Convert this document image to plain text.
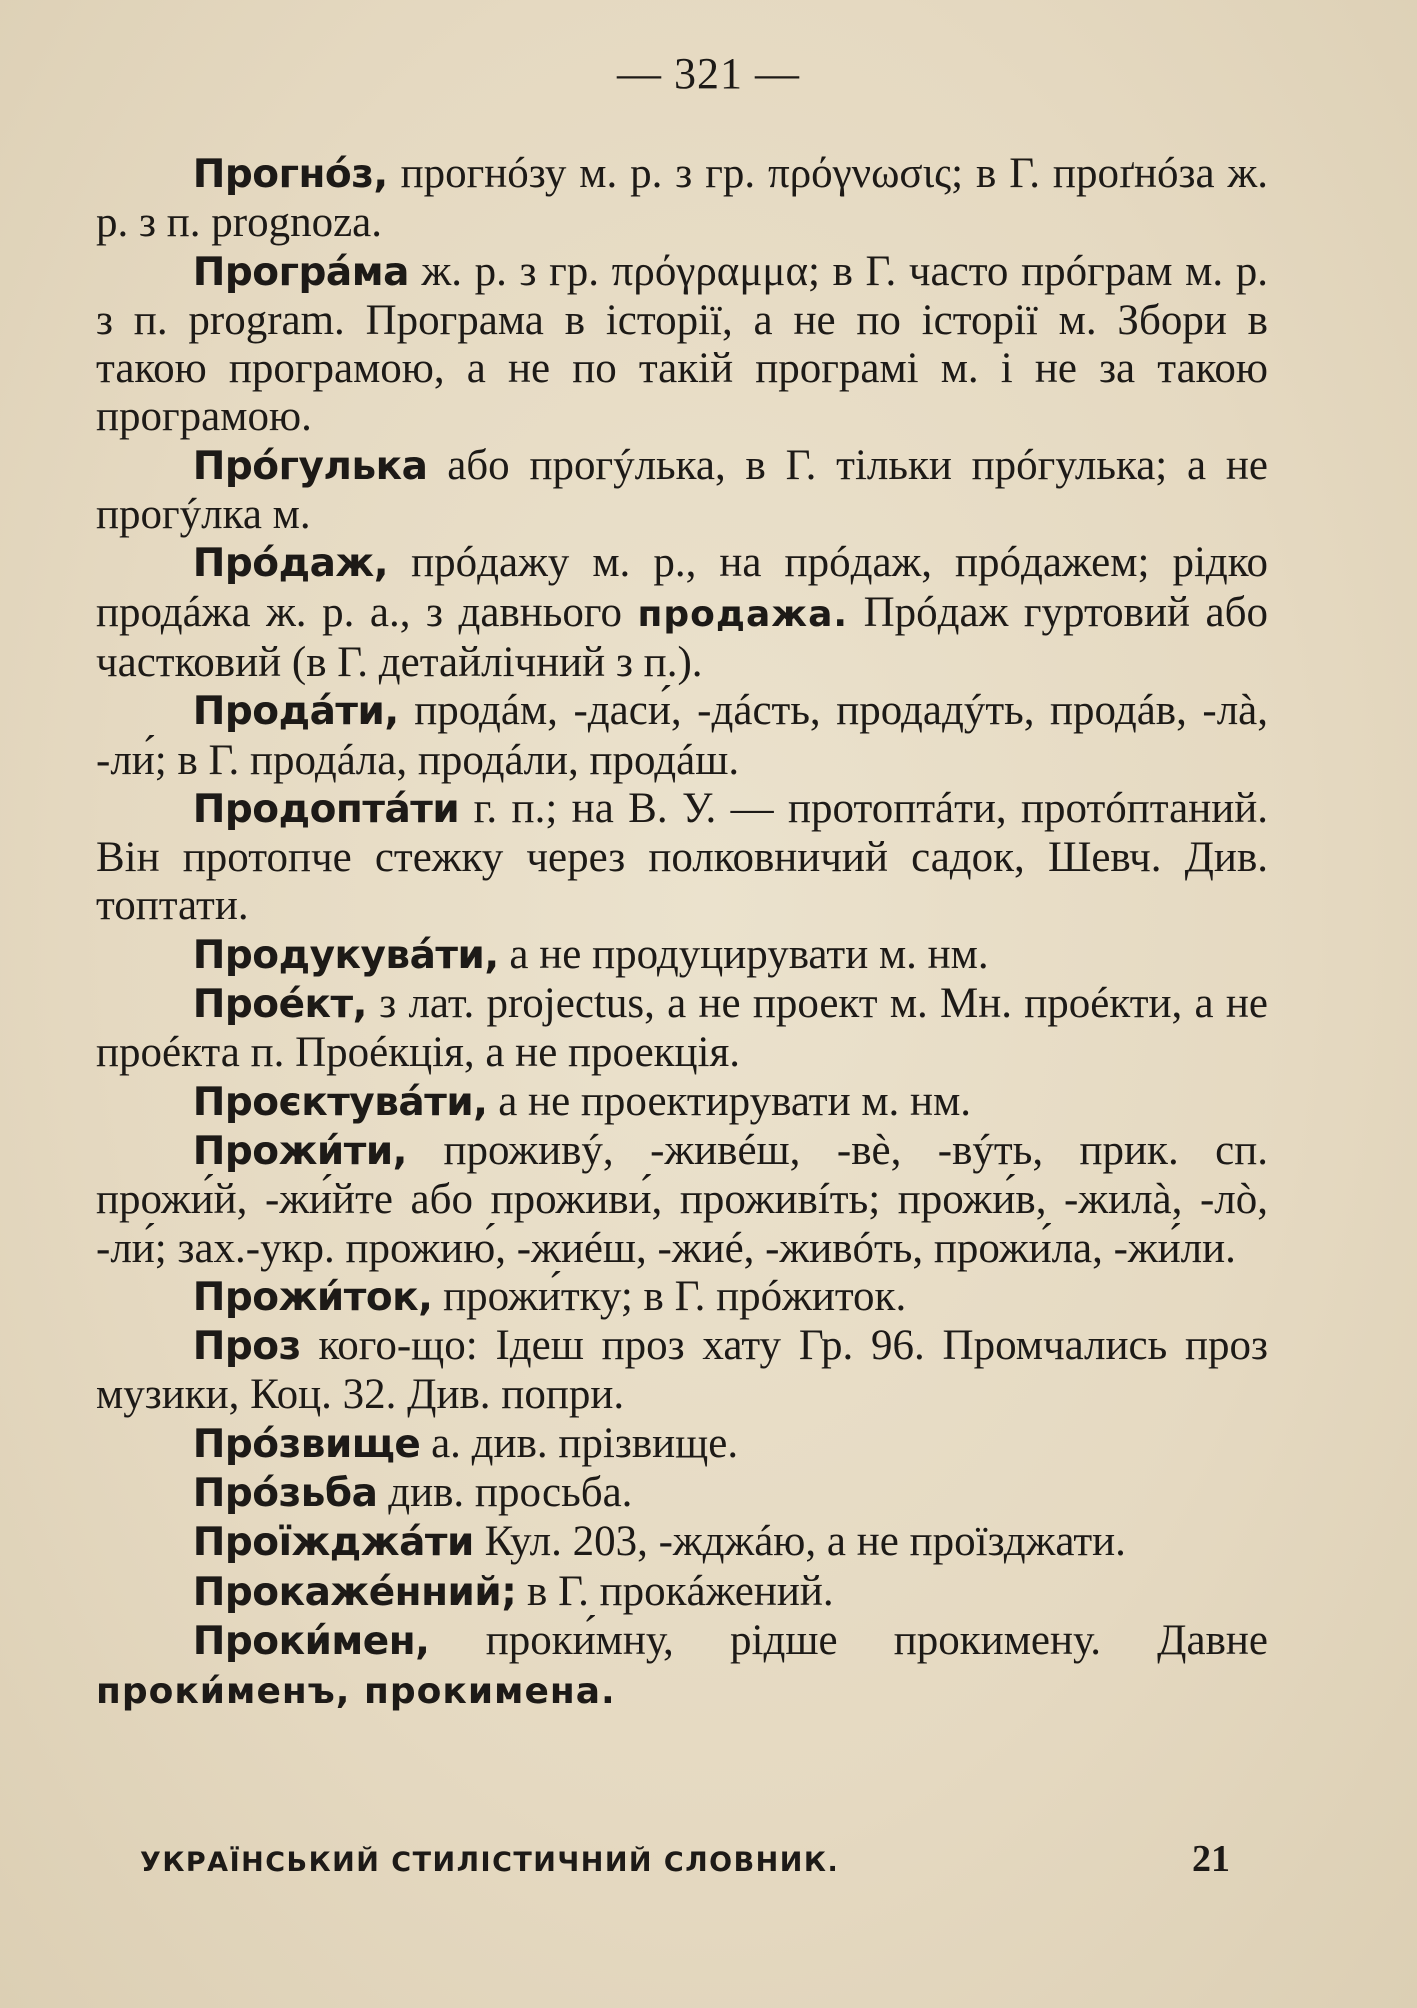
— 321 —

Прогнóз, прогнóзу м. р. з гр. πρόγνωσις; в Г. проґнóза ж. р. з п. prognoza.

Прогрáма ж. р. з гр. πρόγραμμα; в Г. часто прóграм м. р. з п. program. Програма в історії, а не по історії м. Збори в такою програмою, а не по такій програмі м. і не за такою програмою.

Прóгулька або прогýлька, в Г. тільки прóгулька; а не прогýлка м.

Прóдаж, прóдажу м. р., на прóдаж, прóдажем; рідко продáжа ж. р. а., з давнього продажа. Прóдаж гуртовий або частковий (в Г. детайлічний з п.).

Продáти, продáм, -даси́, -дáсть, продадýть, продáв, -лà, -ли́; в Г. продáла, продáли, продáш.

Продоптáти г. п.; на В. У. — протоптáти, протóптаний. Він протопче стежку через полковничий садок, Шевч. Див. топтати.

Продукувáти, а не продуцирувати м. нм.

Проéкт, з лат. projectus, а не проект м. Мн. проéкти, а не проéкта п. Проéкція, а не проекція.

Проєктувáти, а не проектирувати м. нм.

Прожи́ти, проживý, -живéш, -вè, -вýть, прик. сп. прожи́й, -жи́йте або проживи́, проживíть; прожи́в, -жилà, -лò, -ли́; зах.-укр. прожию́, -жиéш, -жиé, -живóть, прожи́ла, -жи́ли.

Прожи́ток, прожи́тку; в Г. прóжиток.

Проз кого-що: Ідеш проз хату Гр. 96. Промчались проз музики, Коц. 32. Див. попри.

Прóзвище а. див. прізвище.

Прóзьба див. просьба.

Проїжджáти Кул. 203, -жджáю, а не проїзджати.

Прокажéнний; в Г. прокáжений.

Проки́мен, проки́мну, рідше прокимену. Давне проки́менъ, прокимена.

УКРАЇНСЬКИЙ СТИЛІСТИЧНИЙ СЛОВНИК.	21
